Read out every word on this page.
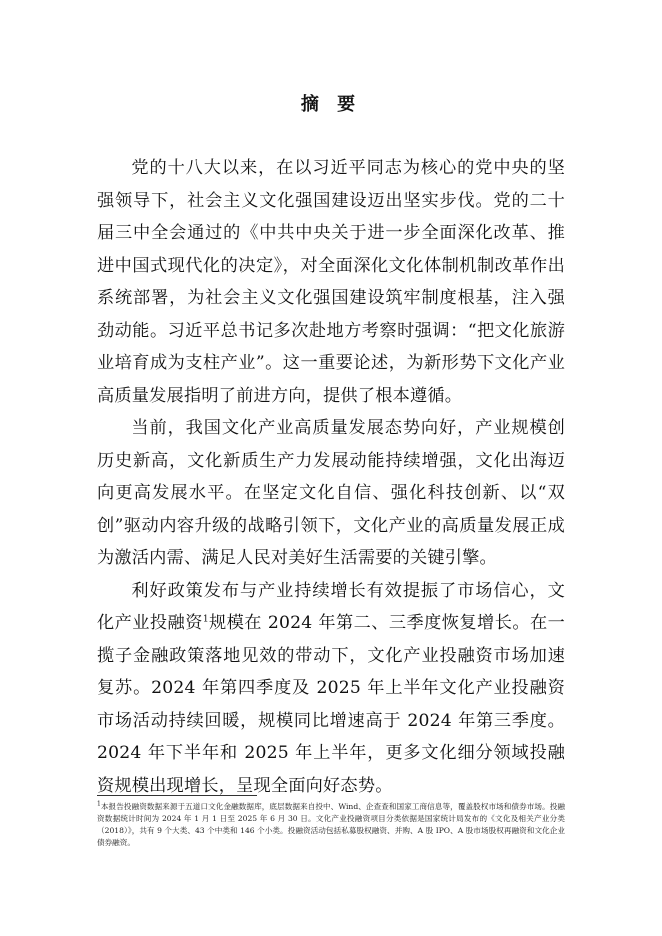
摘 要

党的十八大以来，在以习近平同志为核心的党中央的坚强领导下，社会主义文化强国建设迈出坚实步伐。党的二十届三中全会通过的《中共中央关于进一步全面深化改革、推进中国式现代化的决定》，对全面深化文化体制机制改革作出系统部署，为社会主义文化强国建设筑牢制度根基，注入强劲动能。习近平总书记多次赴地方考察时强调：“把文化旅游业培育成为支柱产业”。这一重要论述，为新形势下文化产业高质量发展指明了前进方向，提供了根本遵循。

当前，我国文化产业高质量发展态势向好，产业规模创历史新高，文化新质生产力发展动能持续增强，文化出海迈向更高发展水平。在坚定文化自信、强化科技创新、以“双创”驱动内容升级的战略引领下，文化产业的高质量发展正成为激活内需、满足人民对美好生活需要的关键引擎。

利好政策发布与产业持续增长有效提振了市场信心，文化产业投融资$^1$规模在 2024 年第二、三季度恢复增长。在一揽子金融政策落地见效的带动下，文化产业投融资市场加速复苏。2024 年第四季度及 2025 年上半年文化产业投融资市场活动持续回暖，规模同比增速高于 2024 年第三季度。2024 年下半年和 2025 年上半年，更多文化细分领域投融资规模出现增长，呈现全面向好态势。

$^1$本报告投融资数据来源于五道口文化金融数据库，底层数据来自投中、Wind、企查查和国家工商信息等，覆盖股权市场和债券市场。投融资数据统计时间为 2024 年 1 月 1 日至 2025 年 6 月 30 日。文化产业投融资项目分类依据是国家统计局发布的《文化及相关产业分类（2018）》，共有 9 个大类、43 个中类和 146 个小类。投融资活动包括私募股权融资、并购、A 股 IPO、A 股市场股权再融资和文化企业债券融资。
